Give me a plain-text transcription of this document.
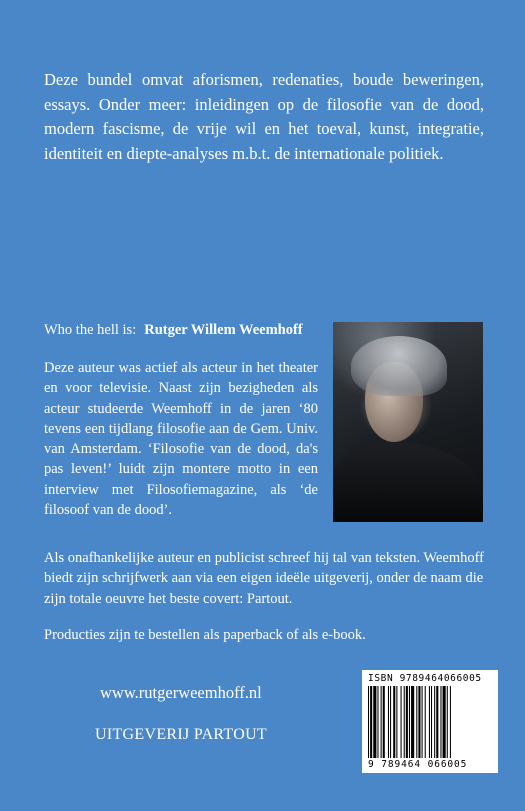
Deze bundel omvat aforismen, redenaties, boude beweringen, essays. Onder meer: inleidingen op de filosofie van de dood, modern fascisme, de vrije wil en het toeval, kunst, integratie, identiteit en diepte-analyses m.b.t. de internationale politiek.

Who the hell is: Rutger Willem Weemhoff

Deze auteur was actief als acteur in het theater en voor televisie. Naast zijn bezigheden als acteur studeerde Weemhoff in de jaren ‘80 tevens een tijdlang filosofie aan de Gem. Univ. van Amsterdam. ‘Filosofie van de dood, da's pas leven!’ luidt zijn montere motto in een interview met Filosofiemagazine, als ‘de filosoof van de dood’.

Als onafhankelijke auteur en publicist schreef hij tal van teksten. Weemhoff biedt zijn schrijfwerk aan via een eigen ideële uitgeverij, onder de naam die zijn totale oeuvre het beste covert: Partout.

Producties zijn te bestellen als paperback of als e-book.

www.rutgerweemhoff.nl
UITGEVERIJ PARTOUT
ISBN 9789464066005
9 789464 066005
